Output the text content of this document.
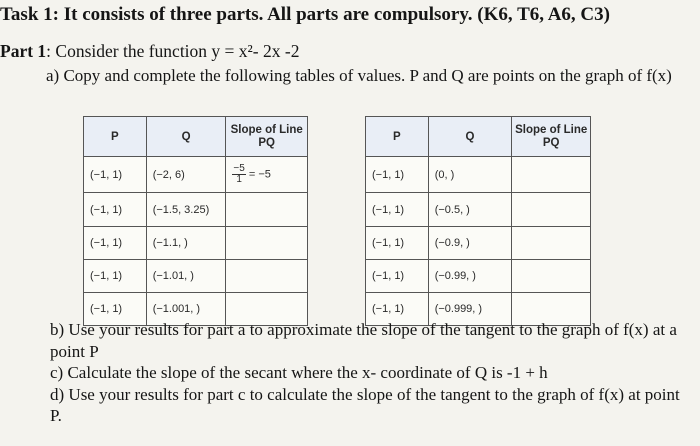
Task 1: It consists of three parts. All parts are compulsory. (K6, T6, A6, C3)
Part 1: Consider the function y = x²- 2x -2
a) Copy and complete the following tables of values. P and Q are points on the graph of f(x)
P	Q	Slope of Line PQ
(−1, 1)	(−2, 6)	$\frac{-5}{1} = -5$
(−1, 1)	(−1.5, 3.25)	
(−1, 1)	(−1.1, )	
(−1, 1)	(−1.01, )	
(−1, 1)	(−1.001, )	
P	Q	Slope of Line PQ
(−1, 1)	(0, )	
(−1, 1)	(−0.5, )	
(−1, 1)	(−0.9, )	
(−1, 1)	(−0.99, )	
(−1, 1)	(−0.999, )	

b) Use your results for part a to approximate the slope of the tangent to the graph of f(x) at a point P

c) Calculate the slope of the secant where the x- coordinate of Q is -1 + h

d) Use your results for part c to calculate the slope of the tangent to the graph of f(x) at point P.
